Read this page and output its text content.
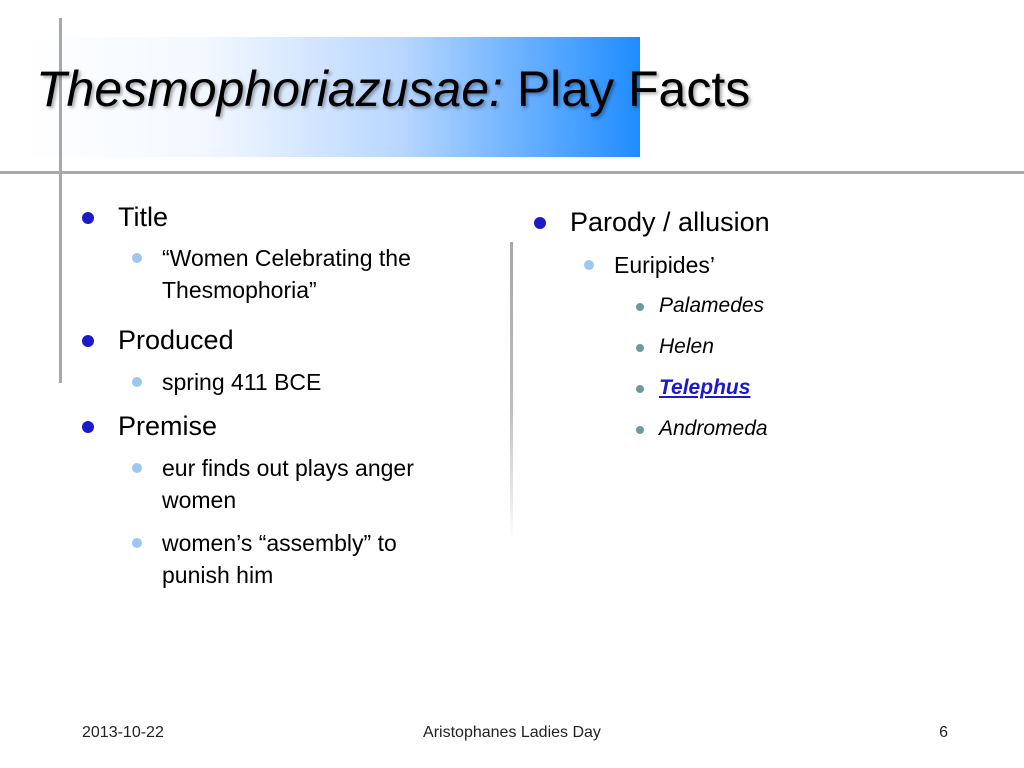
Thesmophoriazusae: Play Facts
Title
“Women Celebrating the
Thesmophoria”
Produced
spring 411 BCE
Premise
eur finds out plays anger
women
women’s “assembly” to
punish him
Parody / allusion
Euripides’
Palamedes
Helen
Telephus
Andromeda
2013-10-22	Aristophanes Ladies Day	6
